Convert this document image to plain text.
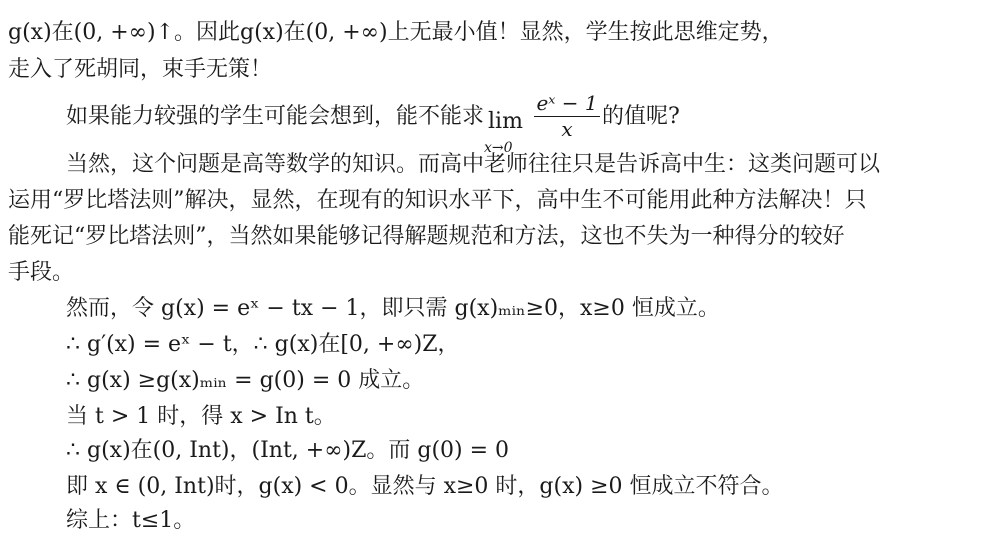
g(x)在(0, +∞)↑。因此g(x)在(0, +∞)上无最小值！显然，学生按此思维定势，
走入了死胡同，束手无策！
如果能力较强的学生可能会想到，能不能求 lim
x→0
$\frac{\text{eˣ − 1}}{x}$ 的值呢?
当然，这个问题是高等数学的知识。而高中老师往往只是告诉高中生：这类问题可以
运用“罗比塔法则”解决，显然，在现有的知识水平下，高中生不可能用此种方法解决！只
能死记“罗比塔法则”，当然如果能够记得解题规范和方法，这也不失为一种得分的较好
手段。
然而，令 g(x) = eˣ − tx − 1，即只需 g(x)ₘᵢₙ≥0，x≥0 恒成立。
∴ g′(x) = eˣ − t，∴ g(x)在[0, +∞)Z，
∴ g(x) ≥g(x)ₘᵢₙ = g(0) = 0 成立。
当 t > 1 时，得 x > In t。
∴ g(x)在(0, Int)，(Int, +∞)Z。而 g(0) = 0
即 x ∈ (0, Int)时，g(x) < 0。显然与 x≥0 时，g(x) ≥0 恒成立不符合。
综上：t≤1。
